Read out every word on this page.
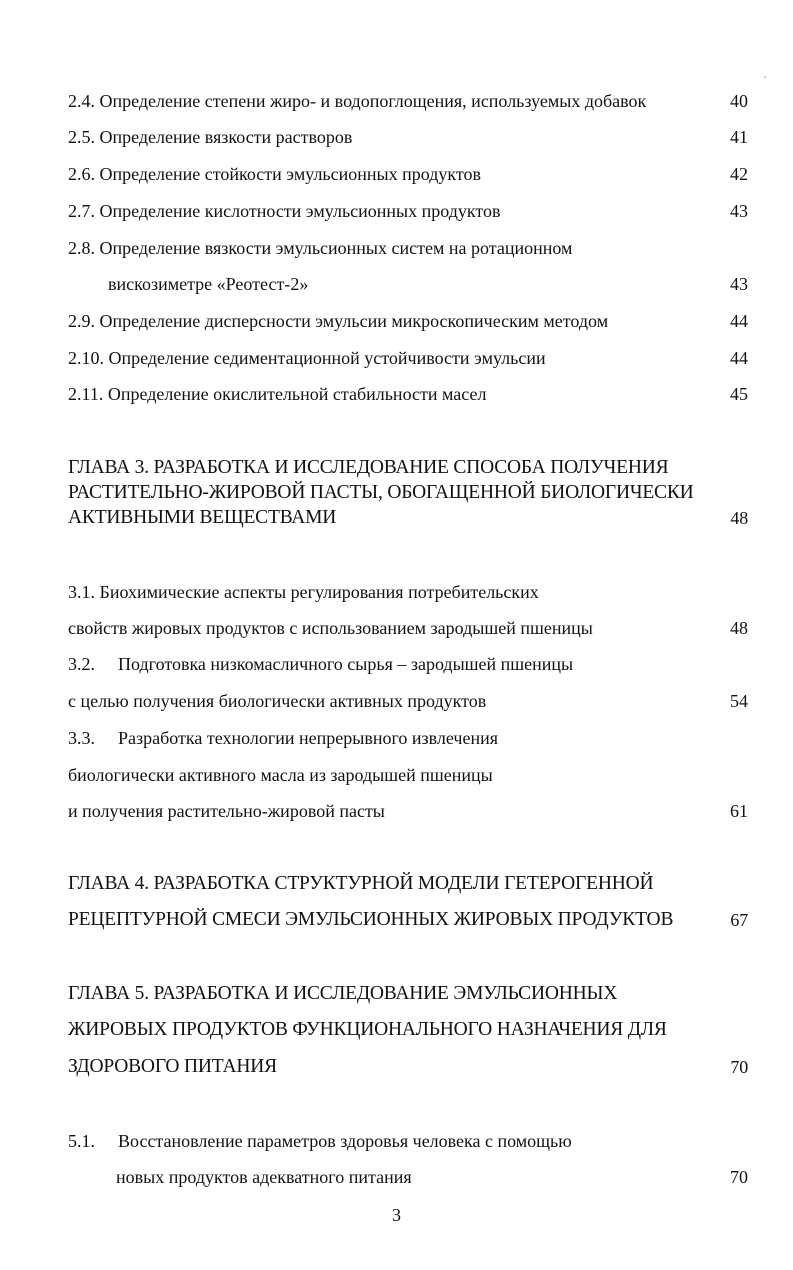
2.4. Определение степени жиро- и водопоглощения, используемых добавок	40
2.5. Определение вязкости растворов	41
2.6. Определение стойкости эмульсионных продуктов	42
2.7. Определение кислотности эмульсионных продуктов	43
2.8. Определение вязкости эмульсионных систем на ротационном
вискозиметре «Реотест-2»	43
2.9. Определение дисперсности эмульсии микроскопическим методом	44
2.10. Определение седиментационной устойчивости эмульсии	44
2.11. Определение окислительной стабильности масел	45
ГЛАВА 3. РАЗРАБОТКА И ИССЛЕДОВАНИЕ СПОСОБА ПОЛУЧЕНИЯ
РАСТИТЕЛЬНО-ЖИРОВОЙ ПАСТЫ, ОБОГАЩЕННОЙ БИОЛОГИЧЕСКИ
АКТИВНЫМИ ВЕЩЕСТВАМИ	48
3.1. Биохимические аспекты регулирования потребительских
свойств жировых продуктов с использованием зародышей пшеницы	48
3.2. Подготовка низкомасличного сырья – зародышей пшеницы
с целью получения биологически активных продуктов	54
3.3. Разработка технологии непрерывного извлечения
биологически активного масла из зародышей пшеницы
и получения растительно-жировой пасты	61
ГЛАВА 4. РАЗРАБОТКА СТРУКТУРНОЙ МОДЕЛИ ГЕТЕРОГЕННОЙ
РЕЦЕПТУРНОЙ СМЕСИ ЭМУЛЬСИОННЫХ ЖИРОВЫХ ПРОДУКТОВ	67
ГЛАВА 5. РАЗРАБОТКА И ИССЛЕДОВАНИЕ ЭМУЛЬСИОННЫХ
ЖИРОВЫХ ПРОДУКТОВ ФУНКЦИОНАЛЬНОГО НАЗНАЧЕНИЯ ДЛЯ
ЗДОРОВОГО ПИТАНИЯ	70
5.1. Восстановление параметров здоровья человека с помощью
новых продуктов адекватного питания	70
3
